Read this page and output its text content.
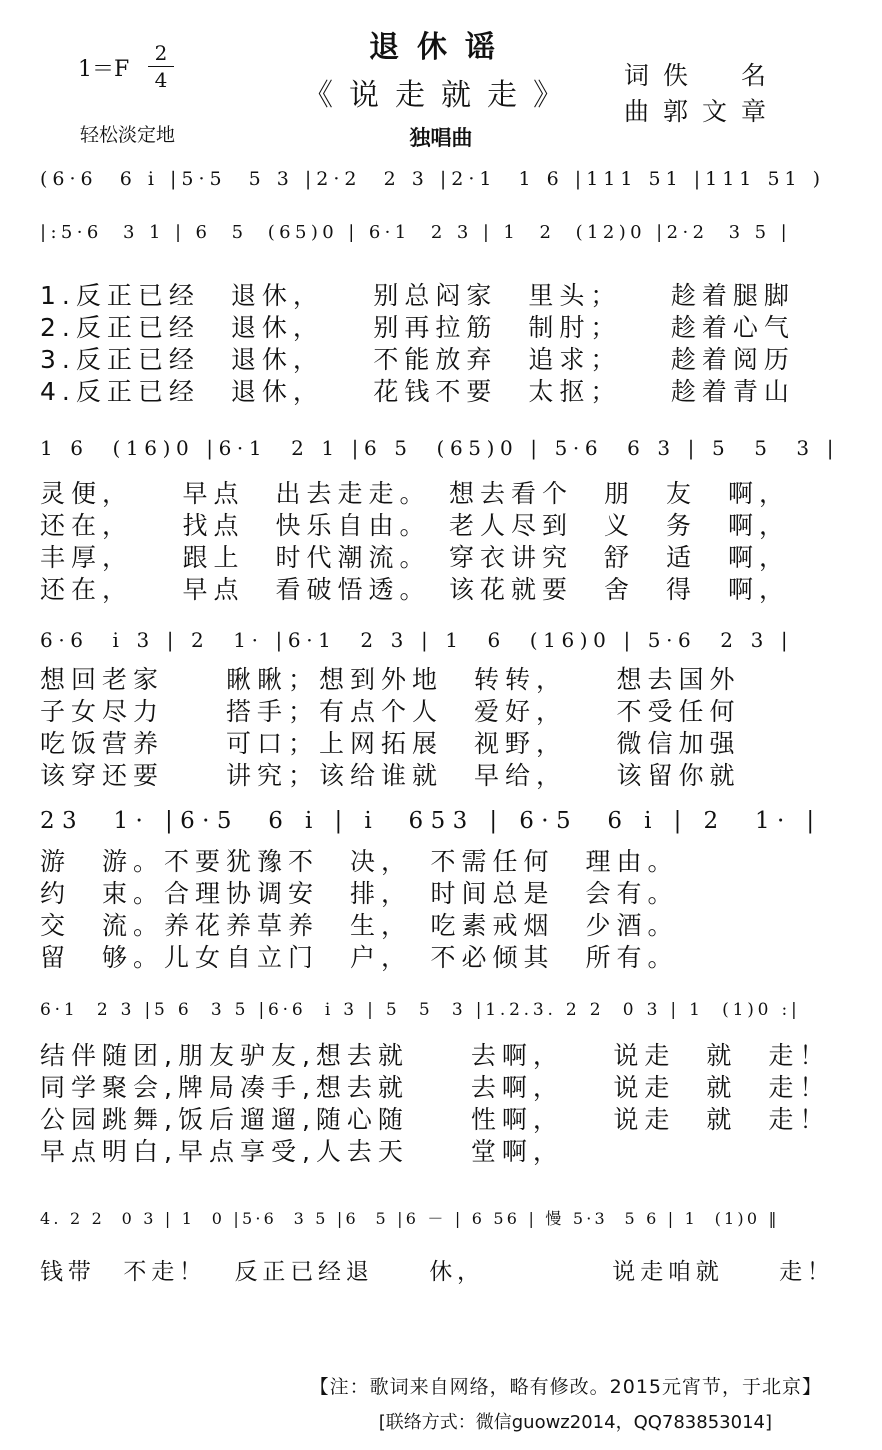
退休谣
《说走就走》
独唱曲
$1=F \frac{2}{4}$
轻松淡定地
词佚　名
曲郭文章
(6·6  6 i |5·5  5 3 |2·2  2 3 |2·1  1 6 |111 51 |111 51 )
|:5·6  3 1 | 6  5  (65)0 | 6·1  2 3 | 1  2  (12)0 |2·2  3 5 |
1.反正已经　退休，　　别总闷家　里头；　　趁着腿脚
2.反正已经　退休，　　别再拉筋　制肘；　　趁着心气
3.反正已经　退休，　　不能放弃　追求；　　趁着阅历
4.反正已经　退休，　　花钱不要　太抠；　　趁着青山
1 6  (16)0 |6·1  2 1 |6 5  (65)0 | 5·6  6 3 | 5  5  3 |
灵便，　　早点　出去走走。　想去看个　朋　友　啊，
还在，　　找点　快乐自由。　老人尽到　义　务　啊，
丰厚，　　跟上　时代潮流。　穿衣讲究　舒　适　啊，
还在，　　早点　看破悟透。　该花就要　舍　得　啊，
6·6  i 3 | 2  1· |6·1  2 3 | 1  6  (16)0 | 5·6  2 3 |
想回老家　　瞅瞅；想到外地　转转，　　想去国外
子女尽力　　搭手；有点个人　爱好，　　不受任何
吃饭营养　　可口；上网拓展　视野，　　微信加强
该穿还要　　讲究；该给谁就　早给，　　该留你就
23  1· |6·5  6 i | i  653 | 6·5  6 i | 2  1· |
游　游。不要犹豫不　决，　不需任何　理由。
约　束。合理协调安　排，　时间总是　会有。
交　流。养花养草养　生，　吃素戒烟　少酒。
留　够。儿女自立门　户，　不必倾其　所有。
6·1  2 3 |5 6  3 5 |6·6  i 3 | 5  5  3 |1.2.3. 2 2  0 3 | 1  (1)0 :|
结伴随团,朋友驴友,想去就　　去啊，　　说走　就　走！
同学聚会,牌局凑手,想去就　　去啊，　　说走　就　走！
公园跳舞,饭后遛遛,随心随　　性啊，　　说走　就　走！
早点明白,早点享受,人去天　　堂啊，
4. 2 2  0 3 | 1  0 |5·6  3 5 |6  5 |6 － | 6 56 | 慢 5·3  5 6 | 1  (1)0 ‖
钱带　不走！　反正已经退　　休，　　　　　说走咱就　　走！
【注：歌词来自网络，略有修改。2015元宵节，于北京】
[联络方式：微信guowz2014，QQ783853014]
